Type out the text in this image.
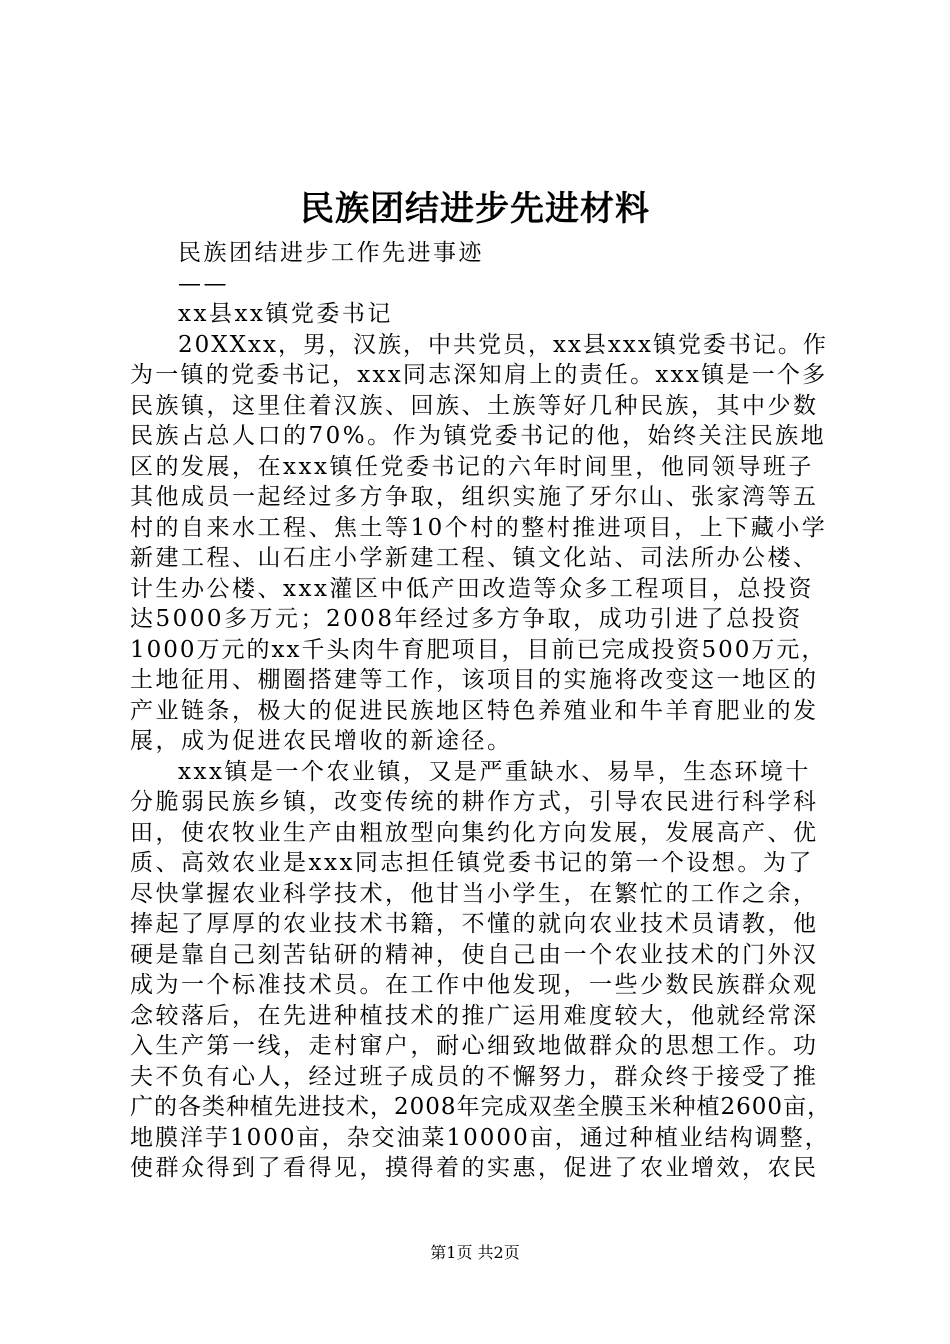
民族团结进步先进材料

民族团结进步工作先进事迹

——

xx县xx镇党委书记

20XXxx，男，汉族，中共党员，xx县xxx镇党委书记。作

为一镇的党委书记，xxx同志深知肩上的责任。xxx镇是一个多

民族镇，这里住着汉族、回族、土族等好几种民族，其中少数

民族占总人口的70%。作为镇党委书记的他，始终关注民族地

区的发展，在xxx镇任党委书记的六年时间里，他同领导班子

其他成员一起经过多方争取，组织实施了牙尔山、张家湾等五

村的自来水工程、焦土等10个村的整村推进项目，上下藏小学

新建工程、山石庄小学新建工程、镇文化站、司法所办公楼、

计生办公楼、xxx灌区中低产田改造等众多工程项目，总投资

达5000多万元；2008年经过多方争取，成功引进了总投资

1000万元的xx千头肉牛育肥项目，目前已完成投资500万元，

土地征用、棚圈搭建等工作，该项目的实施将改变这一地区的

产业链条，极大的促进民族地区特色养殖业和牛羊育肥业的发

展，成为促进农民增收的新途径。

xxx镇是一个农业镇，又是严重缺水、易旱，生态环境十

分脆弱民族乡镇，改变传统的耕作方式，引导农民进行科学科

田，使农牧业生产由粗放型向集约化方向发展，发展高产、优

质、高效农业是xxx同志担任镇党委书记的第一个设想。为了

尽快掌握农业科学技术，他甘当小学生，在繁忙的工作之余，

捧起了厚厚的农业技术书籍，不懂的就向农业技术员请教，他

硬是靠自己刻苦钻研的精神，使自己由一个农业技术的门外汉

成为一个标准技术员。在工作中他发现，一些少数民族群众观

念较落后，在先进种植技术的推广运用难度较大，他就经常深

入生产第一线，走村窜户，耐心细致地做群众的思想工作。功

夫不负有心人，经过班子成员的不懈努力，群众终于接受了推

广的各类种植先进技术，2008年完成双垄全膜玉米种植2600亩，

地膜洋芋1000亩，杂交油菜10000亩，通过种植业结构调整，

使群众得到了看得见，摸得着的实惠，促进了农业增效，农民

第1页 共2页
